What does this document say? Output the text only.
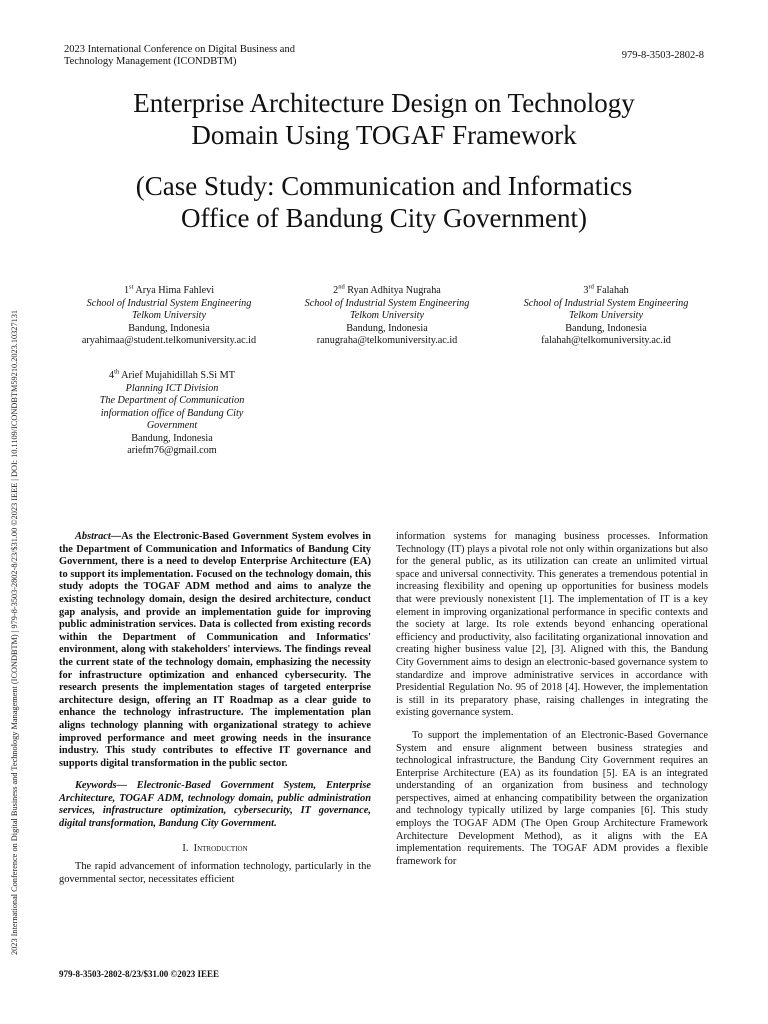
2023 International Conference on Digital Business and Technology Management (ICONDBTM) | 979-8-3503-2802-8/23/$31.00 ©2023 IEEE | DOI: 10.1109/ICONDBTM59210.2023.10327131
2023 International Conference on Digital Business and
Technology Management (ICONDBTM)
979-8-3503-2802-8
Enterprise Architecture Design on Technology
Domain Using TOGAF Framework
(Case Study: Communication and Informatics
Office of Bandung City Government)
1st Arya Hima Fahlevi
School of Industrial System Engineering
Telkom University
Bandung, Indonesia
aryahimaa@student.telkomuniversity.ac.id
2nd Ryan Adhitya Nugraha
School of Industrial System Engineering
Telkom University
Bandung, Indonesia
ranugraha@telkomuniversity.ac.id
3rd Falahah
School of Industrial System Engineering
Telkom University
Bandung, Indonesia
falahah@telkomuniversity.ac.id
4th Arief Mujahidillah S.Si MT
Planning ICT Division
The Department of Communication
information office of Bandung City
Government
Bandung, Indonesia
ariefm76@gmail.com

Abstract—As the Electronic-Based Government System evolves in the Department of Communication and Informatics of Bandung City Government, there is a need to develop Enterprise Architecture (EA) to support its implementation. Focused on the technology domain, this study adopts the TOGAF ADM method and aims to analyze the existing technology domain, design the desired architecture, conduct gap analysis, and provide an implementation guide for improving public administration services. Data is collected from existing records within the Department of Communication and Informatics' environment, along with stakeholders' interviews. The findings reveal the current state of the technology domain, emphasizing the necessity for infrastructure optimization and enhanced cybersecurity. The research presents the implementation stages of targeted enterprise architecture design, offering an IT Roadmap as a clear guide to enhance the technology infrastructure. The implementation plan aligns technology planning with organizational strategy to achieve improved performance and meet growing needs in the insurance industry. This study contributes to effective IT governance and supports digital transformation in the public sector.

Keywords— Electronic-Based Government System, Enterprise Architecture, TOGAF ADM, technology domain, public administration services, infrastructure optimization, cybersecurity, IT governance, digital transformation, Bandung City Government.

I. Introduction

The rapid advancement of information technology, particularly in the governmental sector, necessitates efficient

information systems for managing business processes. Information Technology (IT) plays a pivotal role not only within organizations but also for the general public, as its utilization can create an unlimited virtual space and universal connectivity. This generates a tremendous potential in increasing flexibility and opening up opportunities for business models that were previously nonexistent [1]. The implementation of IT is a key element in improving organizational performance in specific contexts and the society at large. Its role extends beyond enhancing operational efficiency and productivity, also facilitating organizational innovation and creating higher business value [2], [3]. Aligned with this, the Bandung City Government aims to design an electronic-based governance system to standardize and improve administrative services in accordance with Presidential Regulation No. 95 of 2018 [4]. However, the implementation is still in its preparatory phase, raising challenges in integrating the existing governance system.

To support the implementation of an Electronic-Based Governance System and ensure alignment between business strategies and technological infrastructure, the Bandung City Government requires an Enterprise Architecture (EA) as its foundation [5]. EA is an integrated understanding of an organization from business and technology perspectives, aimed at enhancing compatibility between the organization and technology typically utilized by large companies [6]. This study employs the TOGAF ADM (The Open Group Architecture Framework Architecture Development Method), as it aligns with the EA implementation requirements. The TOGAF ADM provides a flexible framework for

979-8-3503-2802-8/23/$31.00 ©2023 IEEE
